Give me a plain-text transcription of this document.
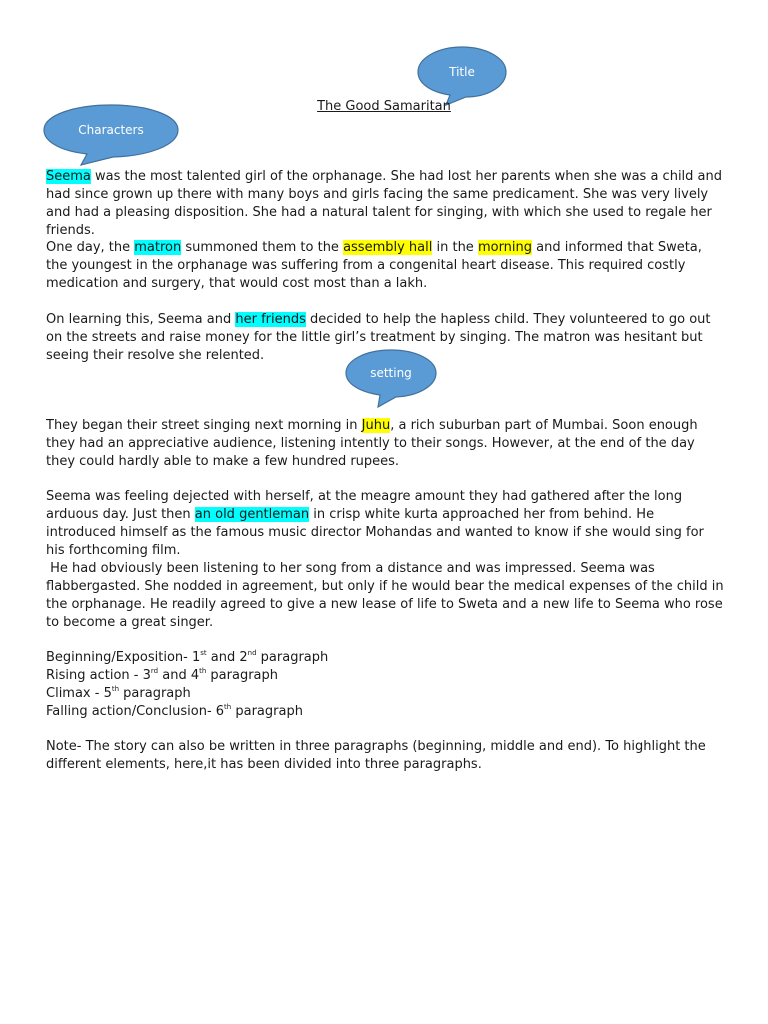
Title
Characters
setting
The Good Samaritan

Seema was the most talented girl of the orphanage. She had lost her parents when she was a child and had since grown up there with many boys and girls facing the same predicament. She was very lively and had a pleasing disposition. She had a natural talent for singing, with which she used to regale her friends.

One day, the matron summoned them to the assembly hall in the morning and informed that Sweta, the youngest in the orphanage was suffering from a congenital heart disease. This required costly medication and surgery, that would cost most than a lakh.

On learning this, Seema and her friends decided to help the hapless child. They volunteered to go out on the streets and raise money for the little girl’s treatment by singing. The matron was hesitant but seeing their resolve she relented.

They began their street singing next morning in Juhu, a rich suburban part of Mumbai. Soon enough they had an appreciative audience, listening intently to their songs. However, at the end of the day they could hardly able to make a few hundred rupees.

Seema was feeling dejected with herself, at the meagre amount they had gathered after the long arduous day. Just then an old gentleman in crisp white kurta approached her from behind. He introduced himself as the famous music director Mohandas and wanted to know if she would sing for his forthcoming film.

He had obviously been listening to her song from a distance and was impressed. Seema was flabbergasted. She nodded in agreement, but only if he would bear the medical expenses of the child in the orphanage. He readily agreed to give a new lease of life to Sweta and a new life to Seema who rose to become a great singer.

Beginning/Exposition- 1st and 2nd paragraph
Rising action - 3rd and 4th paragraph
Climax - 5th paragraph
Falling action/Conclusion- 6th paragraph

Note- The story can also be written in three paragraphs (beginning, middle and end). To highlight the different elements, here,it has been divided into three paragraphs.
